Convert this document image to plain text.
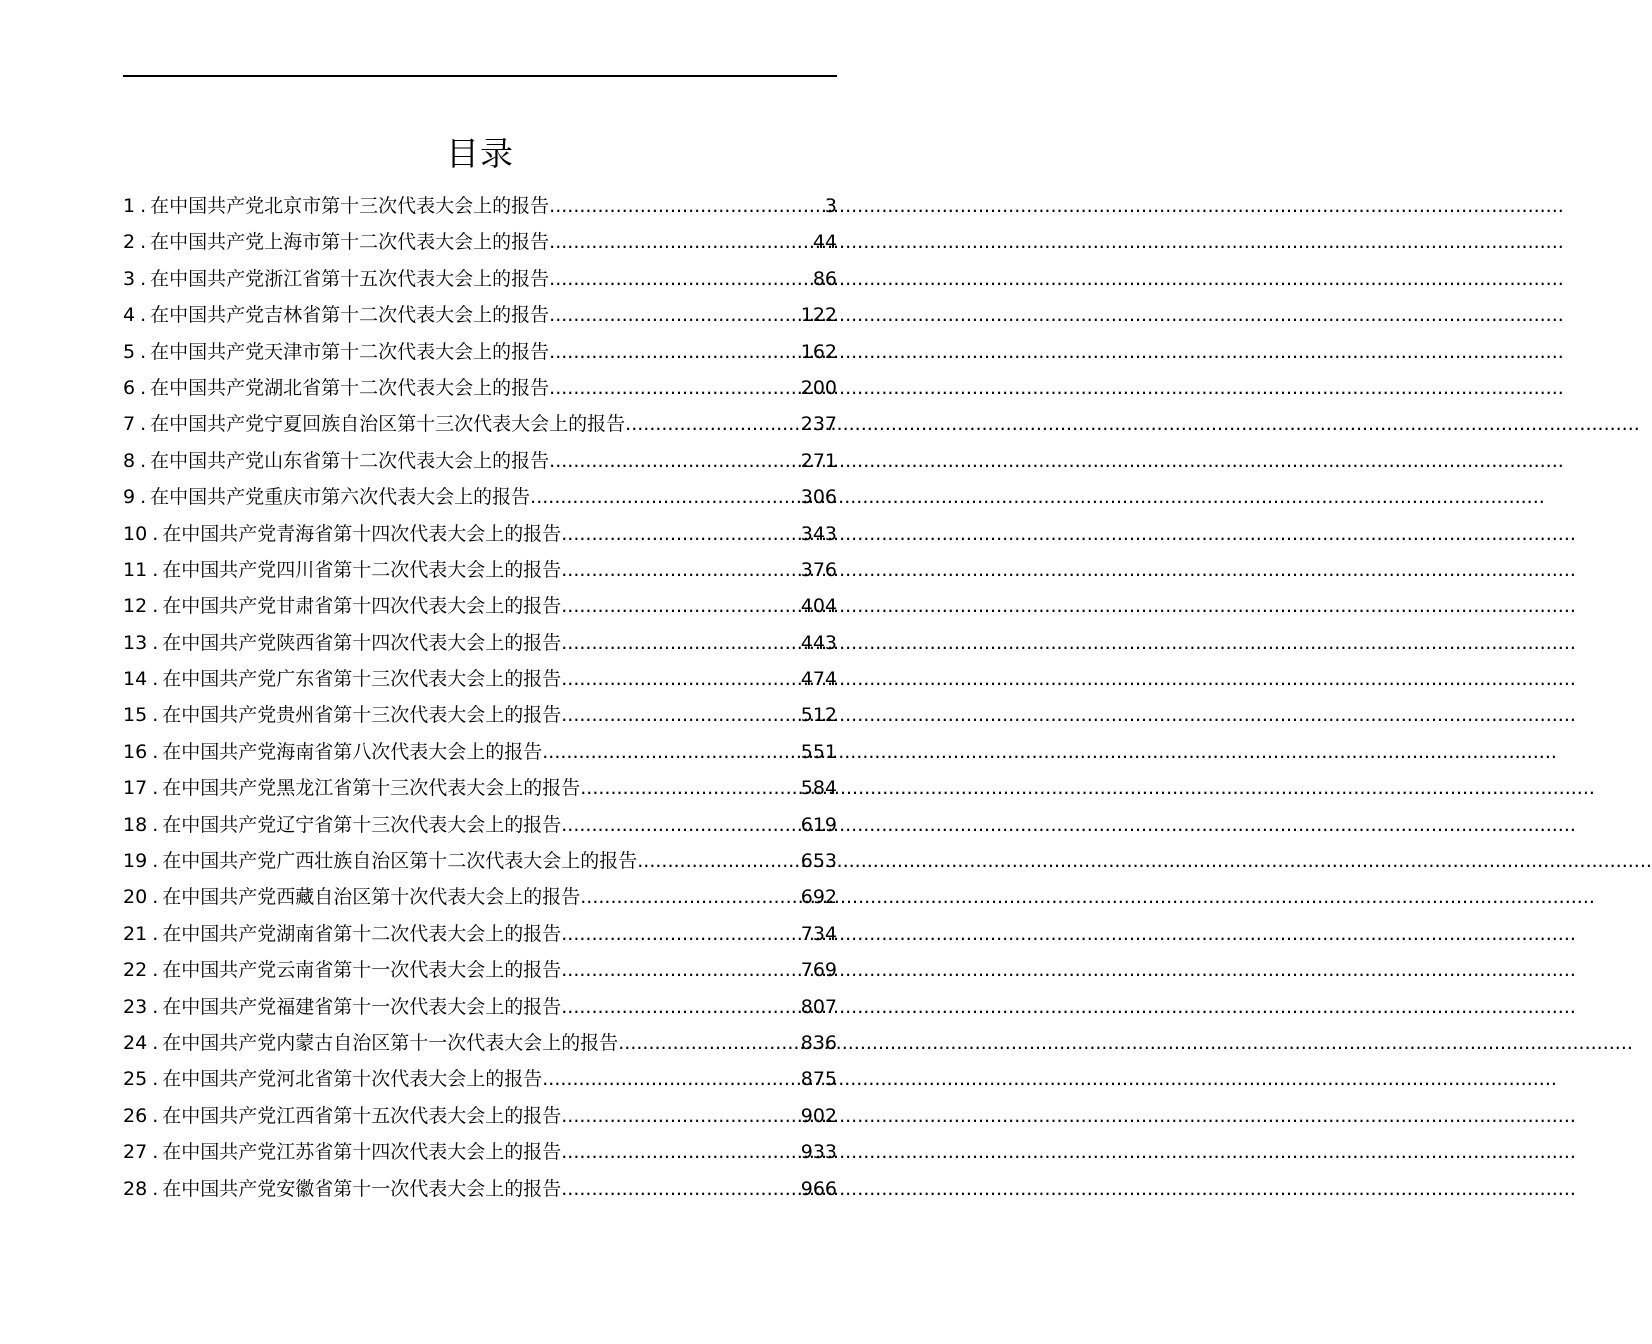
目录
1 . 在中国共产党北京市第十三次代表大会上的报告 .....	3
2 . 在中国共产党上海市第十二次代表大会上的报告 .....	44
3 . 在中国共产党浙江省第十五次代表大会上的报告 .....	86
4 . 在中国共产党吉林省第十二次代表大会上的报告 .....	122
5 . 在中国共产党天津市第十二次代表大会上的报告 .....	162
6 . 在中国共产党湖北省第十二次代表大会上的报告 .....	200
7 . 在中国共产党宁夏回族自治区第十三次代表大会上的报告 .....	237
8 . 在中国共产党山东省第十二次代表大会上的报告 .....	271
9 . 在中国共产党重庆市第六次代表大会上的报告 .....	306
10 . 在中国共产党青海省第十四次代表大会上的报告 .....	343
11 . 在中国共产党四川省第十二次代表大会上的报告 .....	376
12 . 在中国共产党甘肃省第十四次代表大会上的报告 .....	404
13 . 在中国共产党陕西省第十四次代表大会上的报告 .....	443
14 . 在中国共产党广东省第十三次代表大会上的报告 .....	474
15 . 在中国共产党贵州省第十三次代表大会上的报告 .....	512
16 . 在中国共产党海南省第八次代表大会上的报告 .....	551
17 . 在中国共产党黑龙江省第十三次代表大会上的报告 .....	584
18 . 在中国共产党辽宁省第十三次代表大会上的报告 .....	619
19 . 在中国共产党广西壮族自治区第十二次代表大会上的报告 .....	653
20 . 在中国共产党西藏自治区第十次代表大会上的报告 .....	692
21 . 在中国共产党湖南省第十二次代表大会上的报告 .....	734
22 . 在中国共产党云南省第十一次代表大会上的报告 .....	769
23 . 在中国共产党福建省第十一次代表大会上的报告 .....	807
24 . 在中国共产党内蒙古自治区第十一次代表大会上的报告 .....	836
25 . 在中国共产党河北省第十次代表大会上的报告 .....	875
26 . 在中国共产党江西省第十五次代表大会上的报告 .....	902
27 . 在中国共产党江苏省第十四次代表大会上的报告 .....	933
28 . 在中国共产党安徽省第十一次代表大会上的报告 .....	966
